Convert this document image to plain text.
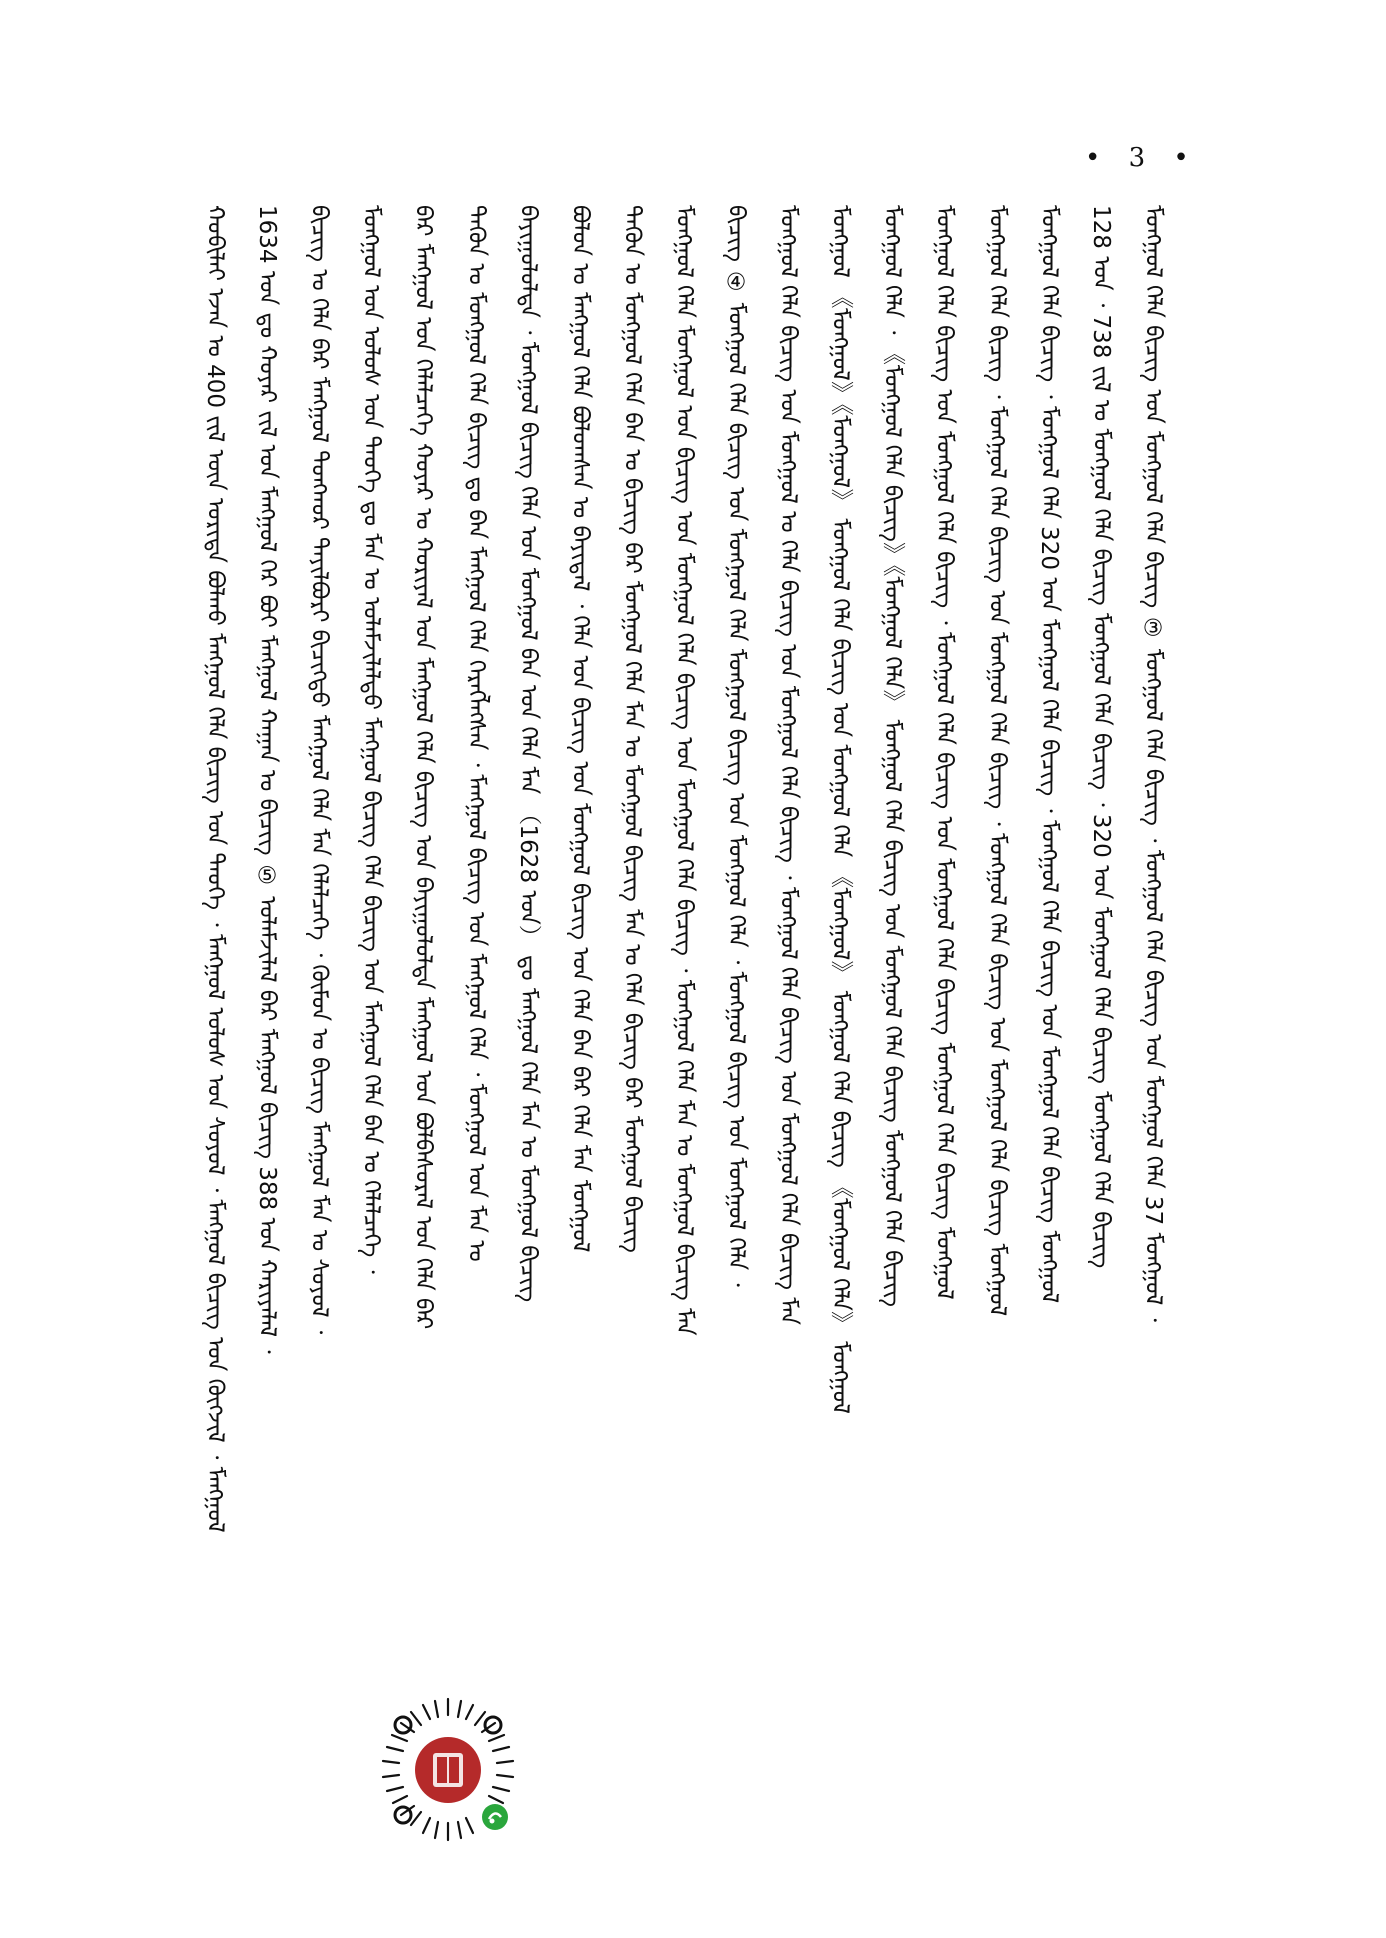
• 3 •
ᠬᠤᠪᠢᠯᠠᠢ ᠡᠵᠡᠨ ᠤ 400 ᠵᠢᠯ ᠦᠨ ᠤᠷᠢᠳᠠ ᠪᠣᠯᠬᠤ ᠮᠠᠩᠭᠤᠯ ᠬᠡᠯᠡ ᠪᠢᠴᠢᠭ ᠤᠨ ᠲᠡᠦᠬᠡ ᠂ ᠮᠠᠩᠭᠤᠯ ᠤᠯᠤᠰ ᠤᠨ ᠰᠣᠶᠤᠯ ᠂ ᠮᠠᠩᠭᠤᠯ ᠪᠢᠴᠢᠭ ᠤᠨ ᠬᠥᠭᠵᠢᠯ ᠂ ᠮᠠᠩᠭᠤᠯ 1634 ᠣᠨ ᠳᠤ ᠬᠣᠶᠠᠷ ᠵᠢᠯ ᠤᠨ ᠮᠠᠩᠭᠤᠯ ᠭᠡᠷ ᠪᠤᠢ ᠮᠠᠩᠭᠤᠯ ᠬᠠᠭᠠᠨ ᠤ ᠪᠢᠴᠢᠭ ⑤ ᠤᠯᠠᠮᠵᠢᠯᠠᠯ ᠪᠡᠷ ᠮᠠᠩᠭᠤᠯ ᠪᠢᠴᠢᠭ 388 ᠤᠨ ᠬᠠᠷᠢᠶᠠᠯᠠᠯ ᠂ ᠪᠢᠴᠢᠭ ᠤ ᠬᠡᠯᠡ ᠪᠡᠷ ᠮᠠᠩᠭᠤᠯ ᠳᠣᠩᠬᠤᠷ ᠲᠠᠶᠢᠯᠪᠤᠷᠢ ᠪᠢᠴᠢᠭᠲᠦ ᠮᠠᠩᠭᠤᠯ ᠬᠡᠯᠡ ᠮᠠᠨ ᠬᠡᠯᠡᠯᠴᠡᠭᠡ ᠂ ᠬᠥᠮᠦᠨ ᠤ ᠪᠢᠴᠢᠭ ᠮᠠᠩᠭᠤᠯ ᠮᠠᠨ ᠤ ᠰᠣᠶᠤᠯ ᠂ ᠮᠣᠩᠭᠣᠯ ᠤᠨ ᠤᠯᠤᠰ ᠤᠨ ᠲᠡᠦᠬᠡ ᠳᠤ ᠮᠠᠨ ᠤ ᠤᠯᠠᠮᠵᠢᠯᠠᠯᠲᠤ ᠮᠠᠩᠭᠤᠯ ᠪᠢᠴᠢᠭ ᠬᠡᠯᠡ ᠪᠢᠴᠢᠭ ᠤᠨ ᠮᠠᠩᠭᠤᠯ ᠬᠡᠯᠡ ᠪᠡᠨ ᠤ ᠬᠡᠯᠡᠯᠴᠡᠭᠡ ᠂ ᠪᠠᠷ ᠮᠠᠩᠭᠤᠯ ᠤᠨ ᠬᠡᠯᠡᠯᠴᠡᠭᠡ ᠬᠣᠶᠠᠷ ᠤ ᠬᠣᠷᠢᠶᠠᠯ ᠤᠨ ᠮᠠᠩᠭᠤᠯ ᠬᠡᠯᠡ ᠪᠢᠴᠢᠭ ᠤᠨ ᠪᠠᠶᠢᠭᠤᠯᠤᠯᠲᠠ ᠮᠠᠩᠭᠤᠯ ᠤᠨ ᠪᠣᠯᠪᠠᠰᠤᠷᠠᠯ ᠤᠨ ᠬᠡᠯᠡ ᠪᠠᠷ ᠲᠡᠭᠦᠨ ᠤ ᠮᠣᠩᠭᠣᠯ ᠬᠡᠯᠡ ᠪᠢᠴᠢᠭ ᠳᠤ ᠪᠠᠨ ᠮᠠᠩᠭᠤᠯ ᠬᠡᠯᠡ ᠬᠡᠷᠡᠭᠯᠡᠭᠰᠡᠨ ᠂ ᠮᠠᠩᠭᠤᠯ ᠪᠢᠴᠢᠭ ᠤᠨ ᠮᠠᠩᠭᠤᠯ ᠬᠡᠯᠡ ᠂ ᠮᠣᠩᠭᠣᠯ ᠤᠨ ᠮᠠᠨ ᠤ ᠪᠠᠶᠢᠭᠤᠯᠤᠯᠲᠠ ᠂ ᠮᠣᠩᠭᠣᠯ ᠪᠢᠴᠢᠭ ᠬᠡᠯᠡ ᠤᠨ ᠮᠣᠩᠭᠣᠯ ᠪᠠᠨ ᠤᠨ ᠬᠡᠯᠡ ᠮᠠᠨ （1628 ᠣᠨ） ᠳᠤ ᠮᠠᠩᠭᠤᠯ ᠬᠡᠯᠡ ᠮᠠᠨ ᠤ ᠮᠣᠩᠭᠣᠯ ᠪᠢᠴᠢᠭ ᠪᠣᠯᠤᠨ ᠤ ᠮᠠᠩᠭᠤᠯ ᠬᠡᠯᠡ ᠪᠣᠯᠤᠭᠰᠠᠨ ᠤ ᠪᠠᠶᠢᠳᠠᠯ ᠂ ᠬᠡᠯᠡ ᠤᠨ ᠪᠢᠴᠢᠭ ᠤᠨ ᠮᠣᠩᠭᠣᠯ ᠪᠢᠴᠢᠭ ᠤᠨ ᠬᠡᠯᠡ ᠪᠡᠨ ᠪᠠᠷ ᠬᠡᠯᠡ ᠮᠠᠨ ᠮᠣᠩᠭᠣᠯ ᠲᠡᠭᠦᠨ ᠤ ᠮᠣᠩᠭᠣᠯ ᠬᠡᠯᠡ ᠪᠠᠨ ᠤ ᠪᠢᠴᠢᠭ ᠪᠠᠷ ᠮᠣᠩᠭᠣᠯ ᠬᠡᠯᠡ ᠮᠠᠨ ᠤ ᠮᠣᠩᠭᠣᠯ ᠪᠢᠴᠢᠭ ᠮᠠᠨ ᠤ ᠬᠡᠯᠡ ᠪᠢᠴᠢᠭ ᠪᠠᠷ ᠮᠣᠩᠭᠣᠯ ᠪᠢᠴᠢᠭ ᠮᠣᠩᠭᠣᠯ ᠬᠡᠯᠡ ᠮᠣᠩᠭᠣᠯ ᠤᠨ ᠪᠢᠴᠢᠭ ᠤᠨ ᠮᠣᠩᠭᠣᠯ ᠬᠡᠯᠡ ᠪᠢᠴᠢᠭ ᠤᠨ ᠮᠣᠩᠭᠣᠯ ᠬᠡᠯᠡ ᠪᠢᠴᠢᠭ ᠂ ᠮᠣᠩᠭᠣᠯ ᠬᠡᠯᠡ ᠮᠠᠨ ᠤ ᠮᠣᠩᠭᠣᠯ ᠪᠢᠴᠢᠭ ᠮᠠᠨ ᠪᠢᠴᠢᠭ ④ ᠮᠣᠩᠭᠣᠯ ᠬᠡᠯᠡ ᠪᠢᠴᠢᠭ ᠤᠨ ᠮᠣᠩᠭᠣᠯ ᠬᠡᠯᠡ ᠮᠣᠩᠭᠣᠯ ᠪᠢᠴᠢᠭ ᠤᠨ ᠮᠣᠩᠭᠣᠯ ᠬᠡᠯᠡ ᠂ ᠮᠣᠩᠭᠣᠯ ᠪᠢᠴᠢᠭ ᠤᠨ ᠮᠣᠩᠭᠣᠯ ᠬᠡᠯᠡ ᠂ ᠮᠣᠩᠭᠣᠯ ᠬᠡᠯᠡ ᠪᠢᠴᠢᠭ ᠤᠨ ᠮᠣᠩᠭᠣᠯ ᠤ ᠬᠡᠯᠡ ᠪᠢᠴᠢᠭ ᠤᠨ ᠮᠣᠩᠭᠣᠯ ᠬᠡᠯᠡ ᠪᠢᠴᠢᠭ ᠂ ᠮᠣᠩᠭᠣᠯ ᠬᠡᠯᠡ ᠪᠢᠴᠢᠭ ᠤᠨ ᠮᠣᠩᠭᠣᠯ ᠬᠡᠯᠡ ᠪᠢᠴᠢᠭ ᠮᠠᠨ ᠮᠣᠩᠭᠣᠯ 《ᠮᠣᠩᠭᠣᠯ》《ᠮᠣᠩᠭᠣᠯ》 ᠮᠣᠩᠭᠣᠯ ᠬᠡᠯᠡ ᠪᠢᠴᠢᠭ ᠤᠨ ᠮᠣᠩᠭᠣᠯ ᠬᠡᠯᠡ 《ᠮᠣᠩᠭᠣᠯ》 ᠮᠣᠩᠭᠣᠯ ᠬᠡᠯᠡ ᠪᠢᠴᠢᠭ 《ᠮᠣᠩᠭᠣᠯ ᠬᠡᠯᠡ》 ᠮᠣᠩᠭᠣᠯ ᠮᠣᠩᠭᠣᠯ ᠬᠡᠯᠡ ᠂ 《ᠮᠣᠩᠭᠣᠯ ᠬᠡᠯᠡ ᠪᠢᠴᠢᠭ》《ᠮᠣᠩᠭᠣᠯ ᠬᠡᠯᠡ》 ᠮᠣᠩᠭᠣᠯ ᠬᠡᠯᠡ ᠪᠢᠴᠢᠭ ᠤᠨ ᠮᠣᠩᠭᠣᠯ ᠬᠡᠯᠡ ᠪᠢᠴᠢᠭ ᠮᠣᠩᠭᠣᠯ ᠬᠡᠯᠡ ᠪᠢᠴᠢᠭ ᠮᠣᠩᠭᠣᠯ ᠬᠡᠯᠡ ᠪᠢᠴᠢᠭ ᠤᠨ ᠮᠣᠩᠭᠣᠯ ᠬᠡᠯᠡ ᠪᠢᠴᠢᠭ ᠂ ᠮᠣᠩᠭᠣᠯ ᠬᠡᠯᠡ ᠪᠢᠴᠢᠭ ᠤᠨ ᠮᠣᠩᠭᠣᠯ ᠬᠡᠯᠡ ᠪᠢᠴᠢᠭ ᠮᠣᠩᠭᠣᠯ ᠬᠡᠯᠡ ᠪᠢᠴᠢᠭ ᠮᠣᠩᠭᠣᠯ ᠮᠣᠩᠭᠣᠯ ᠬᠡᠯᠡ ᠪᠢᠴᠢᠭ ᠂ ᠮᠣᠩᠭᠣᠯ ᠬᠡᠯᠡ ᠪᠢᠴᠢᠭ ᠤᠨ ᠮᠣᠩᠭᠣᠯ ᠬᠡᠯᠡ ᠪᠢᠴᠢᠭ ᠂ ᠮᠣᠩᠭᠣᠯ ᠬᠡᠯᠡ ᠪᠢᠴᠢᠭ ᠤᠨ ᠮᠣᠩᠭᠣᠯ ᠬᠡᠯᠡ ᠪᠢᠴᠢᠭ ᠮᠣᠩᠭᠣᠯ ᠮᠣᠩᠭᠣᠯ ᠬᠡᠯᠡ ᠪᠢᠴᠢᠭ ᠂ ᠮᠣᠩᠭᠣᠯ ᠬᠡᠯᠡ 320 ᠤᠨ ᠮᠣᠩᠭᠣᠯ ᠬᠡᠯᠡ ᠪᠢᠴᠢᠭ ᠂ ᠮᠣᠩᠭᠣᠯ ᠬᠡᠯᠡ ᠪᠢᠴᠢᠭ ᠤᠨ ᠮᠣᠩᠭᠣᠯ ᠬᠡᠯᠡ ᠪᠢᠴᠢᠭ ᠮᠣᠩᠭᠣᠯ 128 ᠣᠨ ᠂ 738 ᠵᠢᠯ ᠤ ᠮᠣᠩᠭᠣᠯ ᠬᠡᠯᠡ ᠪᠢᠴᠢᠭ ᠮᠣᠩᠭᠣᠯ ᠬᠡᠯᠡ ᠪᠢᠴᠢᠭ ᠂ 320 ᠤᠨ ᠮᠣᠩᠭᠣᠯ ᠬᠡᠯᠡ ᠪᠢᠴᠢᠭ ᠮᠣᠩᠭᠣᠯ ᠬᠡᠯᠡ ᠪᠢᠴᠢᠭ ᠮᠣᠩᠭᠣᠯ ᠬᠡᠯᠡ ᠪᠢᠴᠢᠭ ᠤᠨ ᠮᠣᠩᠭᠣᠯ ᠬᠡᠯᠡ ᠪᠢᠴᠢᠭ ③ ᠮᠣᠩᠭᠣᠯ ᠬᠡᠯᠡ ᠪᠢᠴᠢᠭ ᠂ ᠮᠣᠩᠭᠣᠯ ᠬᠡᠯᠡ ᠪᠢᠴᠢᠭ ᠤᠨ ᠮᠣᠩᠭᠣᠯ ᠬᠡᠯᠡ 37 ᠮᠣᠩᠭᠣᠯ ᠂
